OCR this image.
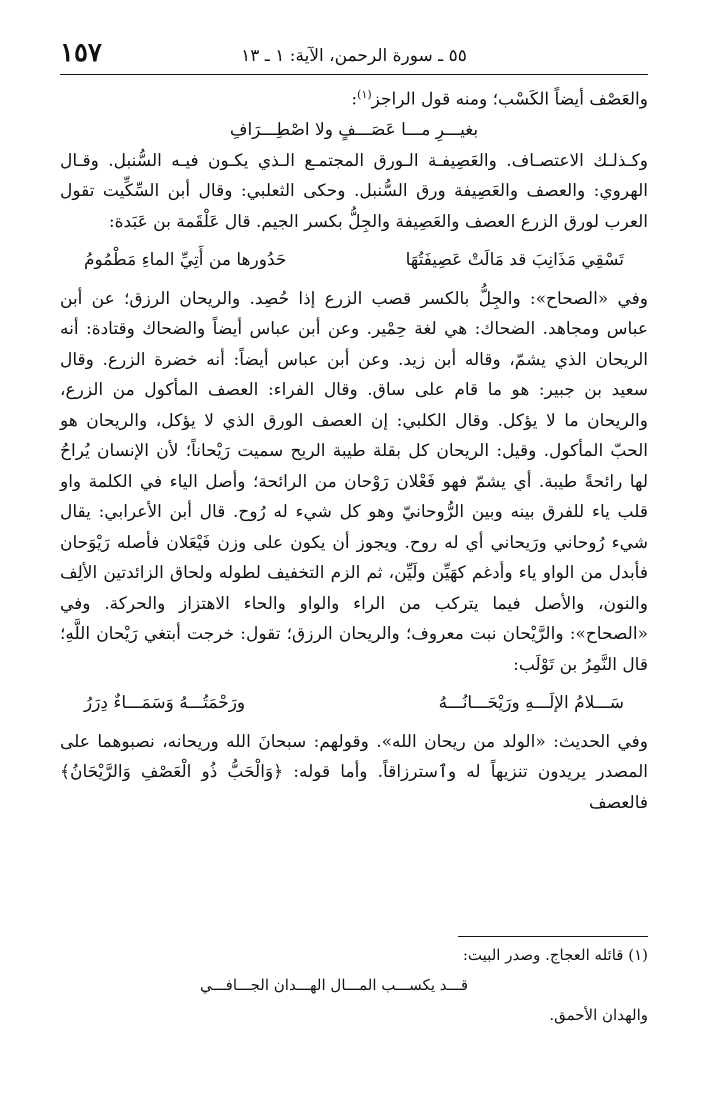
١٥٧	٥٥ ـ سورة الرحمن، الآية: ١ ـ ١٣

والعَصْف أيضاً الكَسْب؛ ومنه قول الراجز$^{(١)}$:

بغيـــرِ مـــا عَصَـــفٍ ولا اصْطِـــرَافِ

وكـذلـك الاعتصـاف. والعَصِيفـة الـورق المجتمـع الـذي يكـون فيـه السُّنبل. وقـال الهروي: والعصف والعَصِيفة ورق السُّنبل. وحكى الثعلبي: وقال أبن السِّكِّيت تقول العرب لورق الزرع العصف والعَصِيفة والجِلُّ بكسر الجيم. قال عَلْقَمة بن عَبَدة:

تَسْقِي مَذَانِبَ قد مَالَتْ عَصِيفَتُهَا
حَدُورها من أَتِيِّ الماءِ مَطْمُومُ

وفي «الصحاح»: والجِلُّ بالكسر قصب الزرع إذا حُصِد. والريحان الرزق؛ عن أبن عباس ومجاهد. الضحاك: هي لغة حِمْير. وعن أبن عباس أيضاً والضحاك وقتادة: أنه الريحان الذي يشمّ، وقاله أبن زيد. وعن أبن عباس أيضاً: أنه خضرة الزرع. وقال سعيد بن جبير: هو ما قام على ساق. وقال الفراء: العصف المأكول من الزرع، والريحان ما لا يؤكل. وقال الكلبي: إن العصف الورق الذي لا يؤكل، والريحان هو الحبّ المأكول. وقيل: الريحان كل بقلة طيبة الريح سميت رَيْحاناً؛ لأن الإنسان يُراحُ لها رائحةً طيبة. أي يشمّ فهو فَعْلان رَوْحان من الرائحة؛ وأصل الياء في الكلمة واو قلب ياء للفرق بينه وبين الرُّوحانيّ وهو كل شيء له رُوح. قال أبن الأعرابي: يقال شيء رُوحاني ورَيحاني أي له روح. ويجوز أن يكون على وزن فَيْعَلان فأصله رَيْوَحان فأبدل من الواو ياء وأدغم كهَيِّن ولَيِّن، ثم الزم التخفيف لطوله ولحاق الزائدتين الألِف والنون، والأصل فيما يتركب من الراء والواو والحاء الاهتزاز والحركة. وفي «الصحاح»: والرَّيْحان نبت معروف؛ والريحان الرزق؛ تقول: خرجت أبتغي رَيْحان اللَّهِ؛ قال النَّمِرُ بن تَوْلَب:

سَـــلامُ الإلَـــهِ ورَيْحَـــانُـــهُ
ورَحْمَتُـــهُ وَسَمَـــاءٌ دِرَرُ

وفي الحديث: «الولد من ريحان الله». وقولهم: سبحانَ الله وريحانه، نصبوهما على المصدر يريدون تنزيهاً له وٱسترزاقاً. وأما قوله: ﴿وَالْحَبُّ ذُو الْعَصْفِ وَالرَّيْحَانُ﴾ فالعصف

(١) قائله العجاج. وصدر البيت:

قـــد يكســـب المـــال الهـــدان الجـــافـــي

والهدان الأحمق.
